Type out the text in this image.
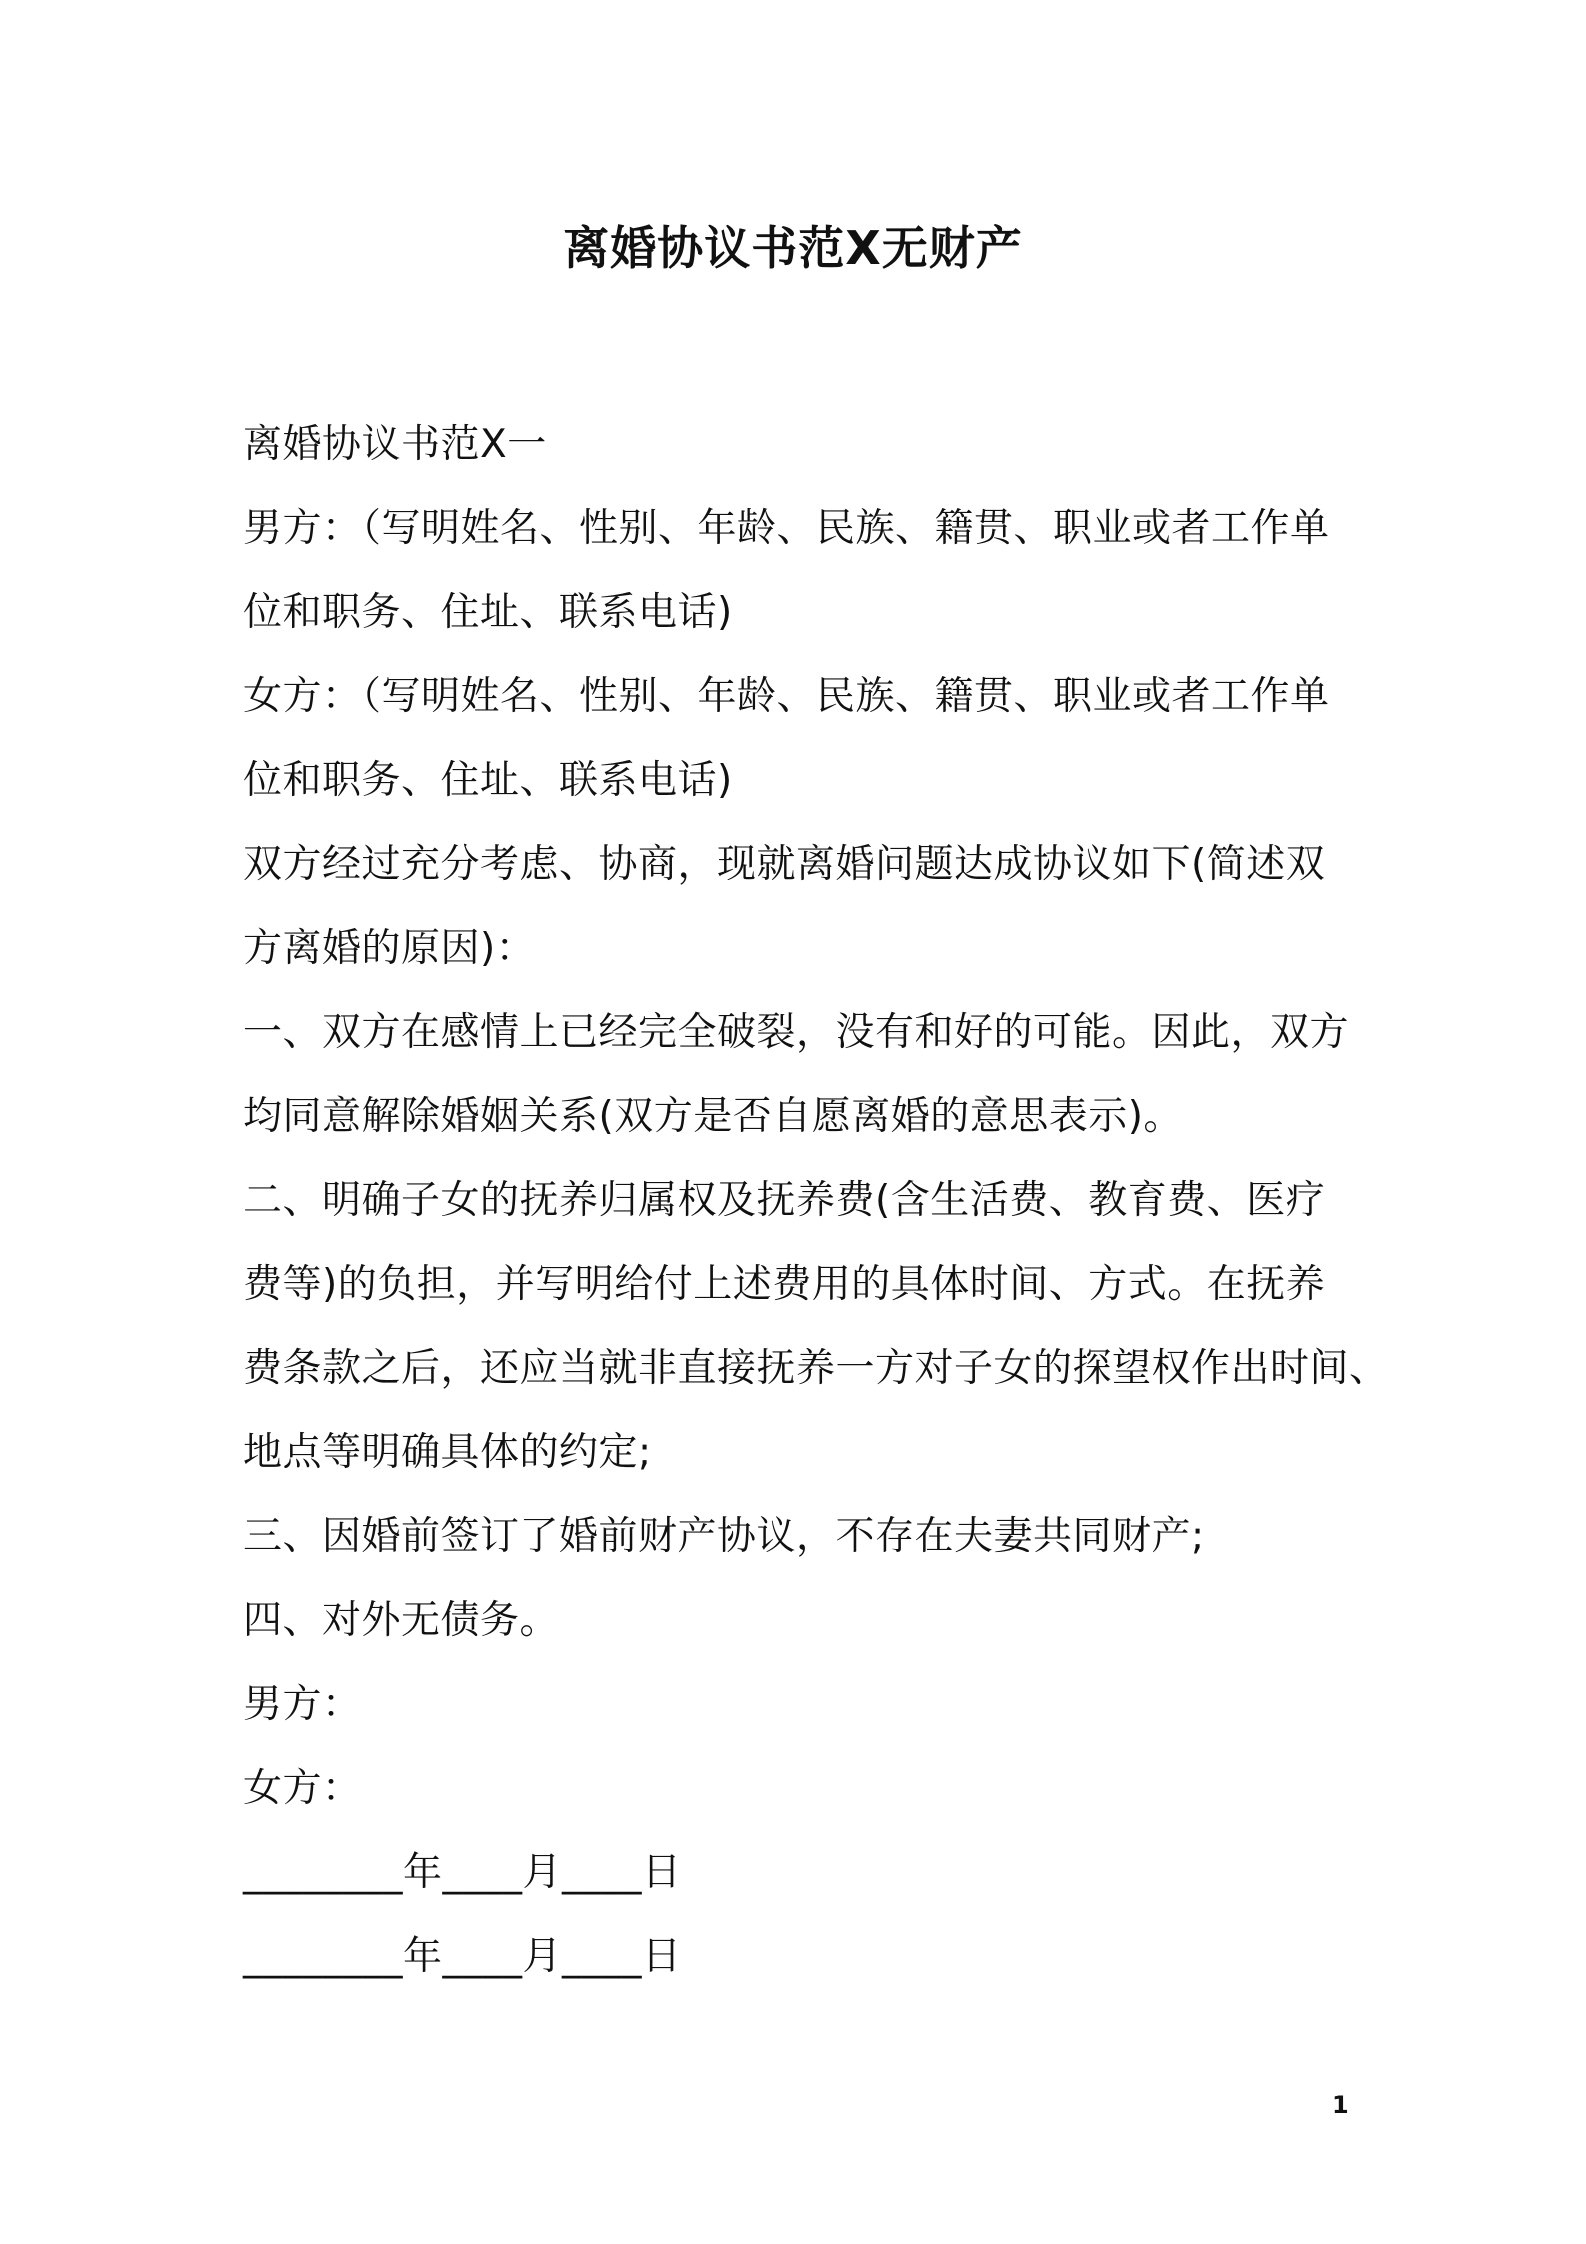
离婚协议书范X无财产
离婚协议书范X一
男方：（写明姓名、性别、年龄、民族、籍贯、职业或者工作单
位和职务、住址、联系电话)
女方：（写明姓名、性别、年龄、民族、籍贯、职业或者工作单
位和职务、住址、联系电话)
双方经过充分考虑、协商，现就离婚问题达成协议如下(简述双
方离婚的原因)：
一、双方在感情上已经完全破裂，没有和好的可能。因此，双方
均同意解除婚姻关系(双方是否自愿离婚的意思表示)。
二、明确子女的抚养归属权及抚养费(含生活费、教育费、医疗
费等)的负担，并写明给付上述费用的具体时间、方式。在抚养
费条款之后，还应当就非直接抚养一方对子女的探望权作出时间、
地点等明确具体的约定;
三、因婚前签订了婚前财产协议，不存在夫妻共同财产;
四、对外无债务。
男方：
女方：
________年____月____日
________年____月____日
1
